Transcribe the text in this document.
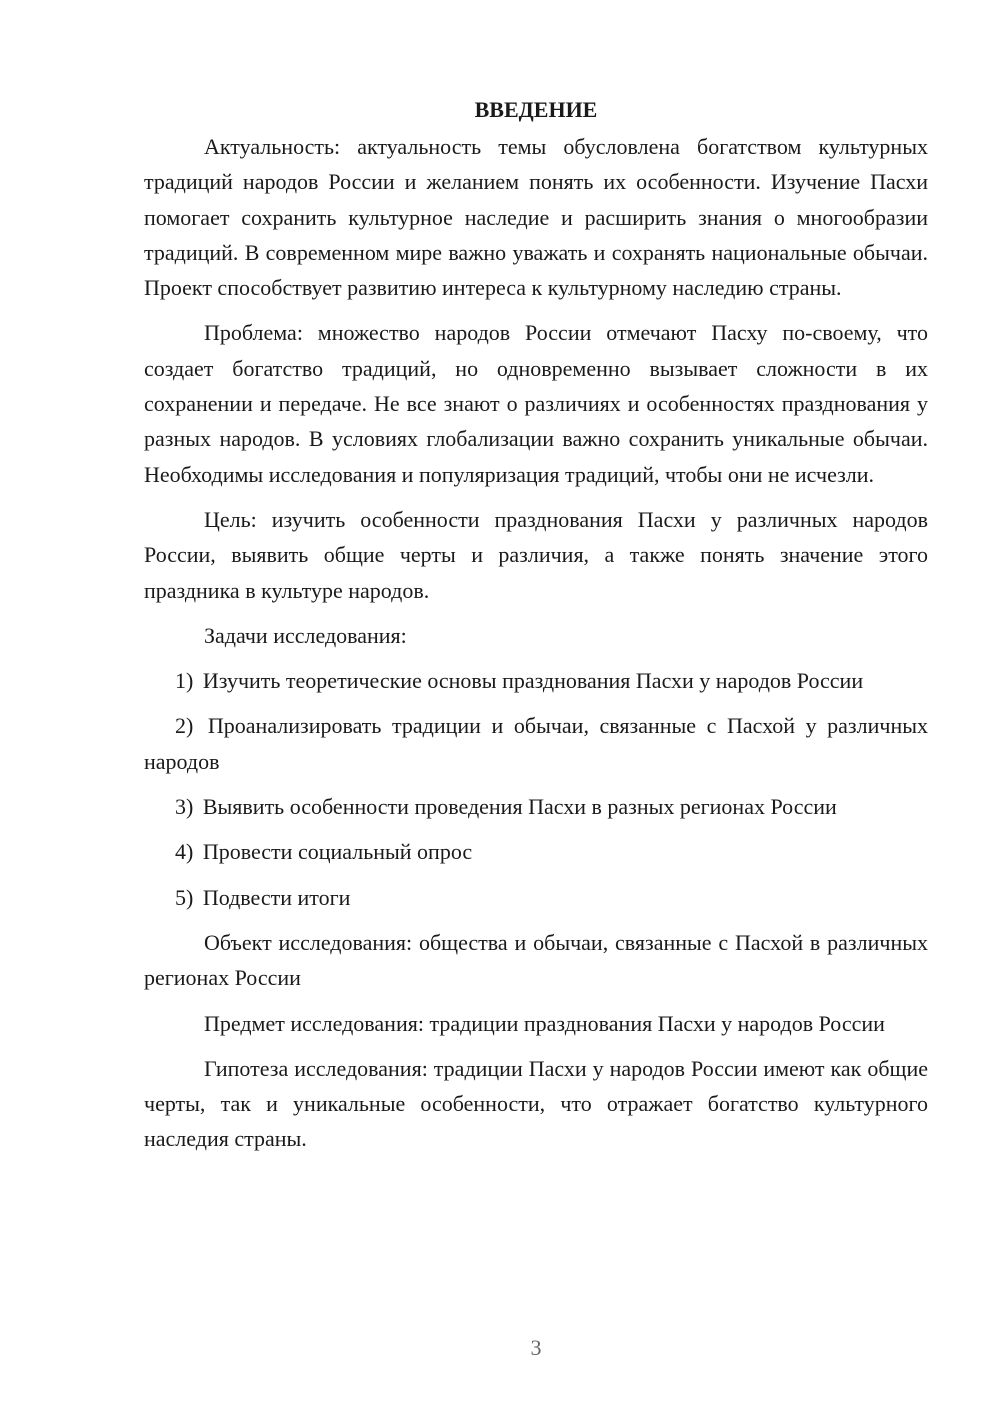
ВВЕДЕНИЕ

Актуальность: актуальность темы обусловлена богатством культурных традиций народов России и желанием понять их особенности. Изучение Пасхи помогает сохранить культурное наследие и расширить знания о многообразии традиций. В современном мире важно уважать и сохранять национальные обычаи. Проект способствует развитию интереса к культурному наследию страны.

Проблема: множество народов России отмечают Пасху по-своему, что создает богатство традиций, но одновременно вызывает сложности в их сохранении и передаче. Не все знают о различиях и особенностях празднования у разных народов. В условиях глобализации важно сохранить уникальные обычаи. Необходимы исследования и популяризация традиций, чтобы они не исчезли.

Цель: изучить особенности празднования Пасхи у различных народов России, выявить общие черты и различия, а также понять значение этого праздника в культуре народов.

Задачи исследования:

1) Изучить теоретические основы празднования Пасхи у народов России

2) Проанализировать традиции и обычаи, связанные с Пасхой у различных народов

3) Выявить особенности проведения Пасхи в разных регионах России

4) Провести социальный опрос

5) Подвести итоги

Объект исследования: общества и обычаи, связанные с Пасхой в различных регионах России

Предмет исследования: традиции празднования Пасхи у народов России

Гипотеза исследования: традиции Пасхи у народов России имеют как общие черты, так и уникальные особенности, что отражает богатство культурного наследия страны.

3
